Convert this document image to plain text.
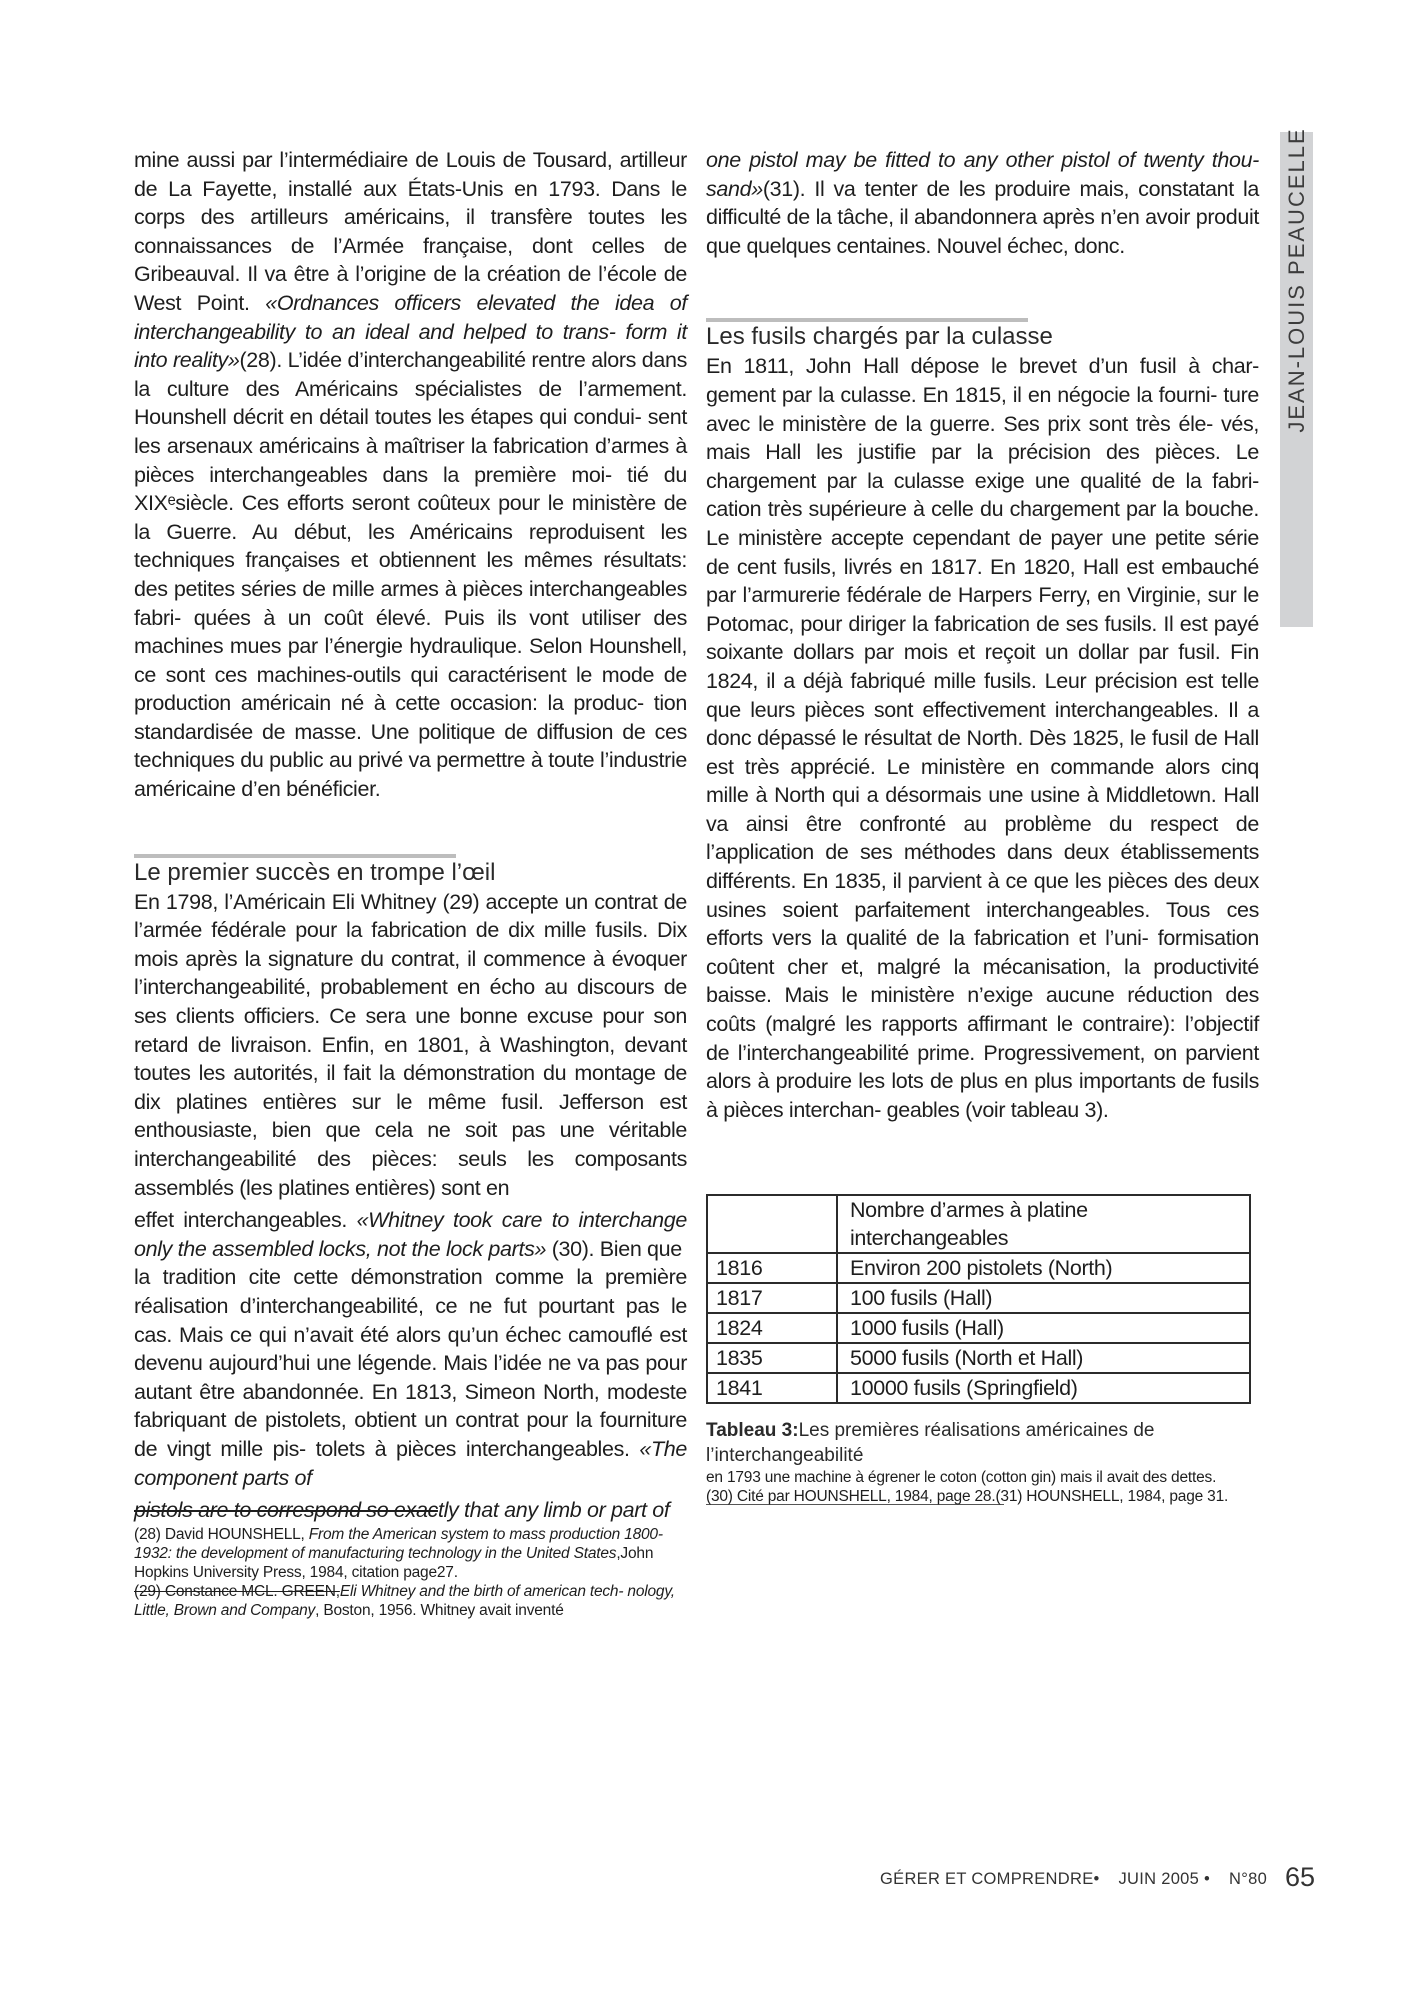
JEAN-LOUIS PEAUCELLE

mine aussi par l’intermédiaire de Louis de Tousard, artilleur de La Fayette, installé aux États-Unis en 1793. Dans le corps des artilleurs américains, il transfère toutes les connaissances de l’Armée française, dont celles de Gribeauval. Il va être à l’origine de la création de l’école de West Point. «Ordnances officers elevated the idea of interchangeability to an ideal and helped to trans- form it into reality»(28). L’idée d’interchangeabilité rentre alors dans la culture des Américains spécialistes de l’armement. Hounshell décrit en détail toutes les étapes qui condui- sent les arsenaux américains à maîtriser la fabrication d’armes à pièces interchangeables dans la première moi- tié du XIXᵉsiècle. Ces efforts seront coûteux pour le ministère de la Guerre. Au début, les Américains reproduisent les techniques françaises et obtiennent les mêmes résultats: des petites séries de mille armes à pièces interchangeables fabri- quées à un coût élevé. Puis ils vont utiliser des machines mues par l’énergie hydraulique. Selon Hounshell, ce sont ces machines-outils qui caractérisent le mode de production américain né à cette occasion: la produc- tion standardisée de masse. Une politique de diffusion de ces techniques du public au privé va permettre à toute l’industrie américaine d’en bénéficier.

Le premier succès en trompe l’œil

En 1798, l’Américain Eli Whitney (29) accepte un contrat de l’armée fédérale pour la fabrication de dix mille fusils. Dix mois après la signature du contrat, il commence à évoquer l’interchangeabilité, probablement en écho au discours de ses clients officiers. Ce sera une bonne excuse pour son retard de livraison. Enfin, en 1801, à Washington, devant toutes les autorités, il fait la démonstration du montage de dix platines entières sur le même fusil. Jefferson est enthousiaste, bien que cela ne soit pas une véritable interchangeabilité des pièces: seuls les composants assemblés (les platines entières) sont en

effet interchangeables. «Whitney took care to interchange only the assembled locks, not the lock parts» (30). Bien que

la tradition cite cette démonstration comme la première réalisation d’interchangeabilité, ce ne fut pourtant pas le cas. Mais ce qui n’avait été alors qu’un échec camouflé est devenu aujourd’hui une légende. Mais l’idée ne va pas pour autant être abandonnée. En 1813, Simeon North, modeste fabriquant de pistolets, obtient un contrat pour la fourniture de vingt mille pis- tolets à pièces interchangeables. «The component parts of

pistols are to correspond so exactly that any limb or part of

(28) David HOUNSHELL, From the American system to mass production 1800-1932: the development of manufacturing technology in the United States,John Hopkins University Press, 1984, citation page27.

(29) Constance MCL. GREEN,Eli Whitney and the birth of american tech- nology, Little, Brown and Company, Boston, 1956. Whitney avait inventé

one pistol may be fitted to any other pistol of twenty thou- sand»(31). Il va tenter de les produire mais, constatant la difficulté de la tâche, il abandonnera après n’en avoir produit que quelques centaines. Nouvel échec, donc.

Les fusils chargés par la culasse

En 1811, John Hall dépose le brevet d’un fusil à char- gement par la culasse. En 1815, il en négocie la fourni- ture avec le ministère de la guerre. Ses prix sont très éle- vés, mais Hall les justifie par la précision des pièces. Le chargement par la culasse exige une qualité de la fabri- cation très supérieure à celle du chargement par la bouche. Le ministère accepte cependant de payer une petite série de cent fusils, livrés en 1817. En 1820, Hall est embauché par l’armurerie fédérale de Harpers Ferry, en Virginie, sur le Potomac, pour diriger la fabrication de ses fusils. Il est payé soixante dollars par mois et reçoit un dollar par fusil. Fin 1824, il a déjà fabriqué mille fusils. Leur précision est telle que leurs pièces sont effectivement interchangeables. Il a donc dépassé le résultat de North. Dès 1825, le fusil de Hall est très apprécié. Le ministère en commande alors cinq mille à North qui a désormais une usine à Middletown. Hall va ainsi être confronté au problème du respect de l’application de ses méthodes dans deux établissements différents. En 1835, il parvient à ce que les pièces des deux usines soient parfaitement interchangeables. Tous ces efforts vers la qualité de la fabrication et l’uni- formisation coûtent cher et, malgré la mécanisation, la productivité baisse. Mais le ministère n’exige aucune réduction des coûts (malgré les rapports affirmant le contraire): l’objectif de l’interchangeabilité prime. Progressivement, on parvient alors à produire les lots de plus en plus importants de fusils à pièces interchan- geables (voir tableau 3).

	Nombre d’armes à platine interchangeables
1816	Environ 200 pistolets (North)
1817	100 fusils (Hall)
1824	1000 fusils (Hall)
1835	5000 fusils (North et Hall)
1841	10000 fusils (Springfield)
Tableau 3:Les premières réalisations américaines de l’interchangeabilité

en 1793 une machine à égrener le coton (cotton gin) mais il avait des dettes.

(30) Cité par HOUNSHELL, 1984, page 28.(31) HOUNSHELL, 1984, page 31.

GÉRER ET COMPRENDRE• JUIN 2005 • N°80 65
